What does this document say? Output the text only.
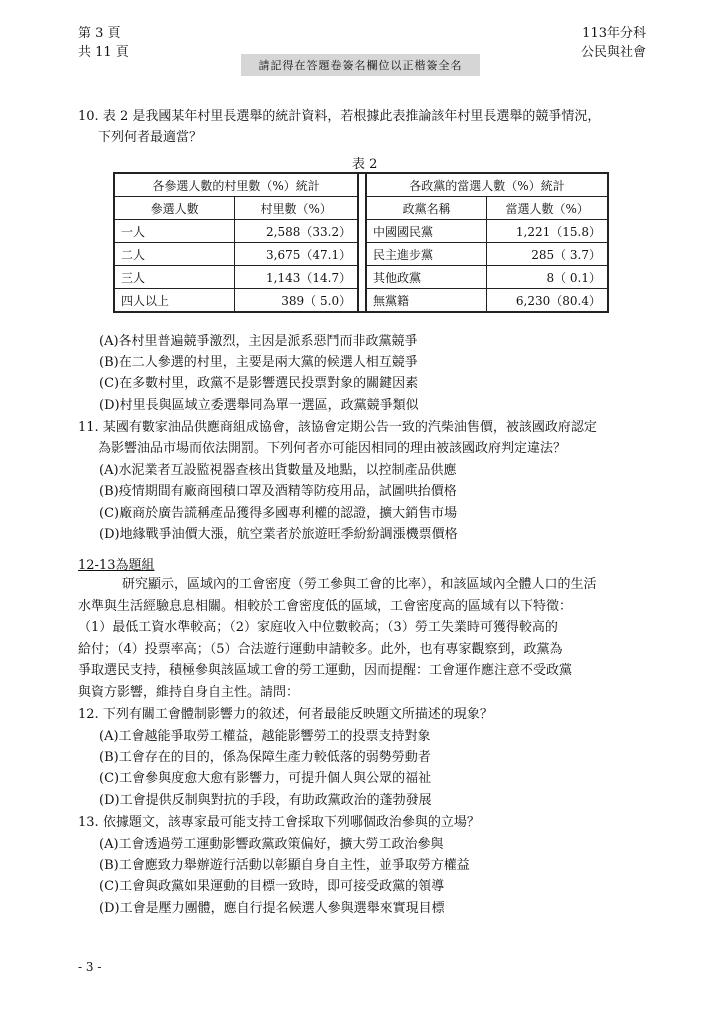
第 3 頁
共 11 頁
請記得在答題卷簽名欄位以正楷簽全名
113年分科
公民與社會
10. 表 2 是我國某年村里長選舉的統計資料，若根據此表推論該年村里長選舉的競爭情況，
下列何者最適當？
表 2
各參選人數的村里數（%）統計			各政黨的當選人數（%）統計	
參選人數	村里數（%）		政黨名稱	當選人數（%）
一人	2,588（33.2）		中國國民黨	1,221（15.8）
二人	3,675（47.1）		民主進步黨	285（ 3.7）
三人	1,143（14.7）		其他政黨	8（ 0.1）
四人以上	389（ 5.0）		無黨籍	6,230（80.4）
(A)各村里普遍競爭激烈，主因是派系惡鬥而非政黨競爭
(B)在二人參選的村里，主要是兩大黨的候選人相互競爭
(C)在多數村里，政黨不是影響選民投票對象的關鍵因素
(D)村里長與區域立委選舉同為單一選區，政黨競爭類似
11. 某國有數家油品供應商組成協會，該協會定期公告一致的汽柴油售價，被該國政府認定
為影響油品市場而依法開罰。下列何者亦可能因相同的理由被該國政府判定違法？
(A)水泥業者互設監視器查核出貨數量及地點，以控制產品供應
(B)疫情期間有廠商囤積口罩及酒精等防疫用品，試圖哄抬價格
(C)廠商於廣告謊稱產品獲得多國專利權的認證，擴大銷售市場
(D)地緣戰爭油價大漲，航空業者於旅遊旺季紛紛調漲機票價格
12-13為題組
研究顯示，區域內的工會密度（勞工參與工會的比率），和該區域內全體人口的生活
水準與生活經驗息息相關。相較於工會密度低的區域，工會密度高的區域有以下特徵：
（1）最低工資水準較高；（2）家庭收入中位數較高；（3）勞工失業時可獲得較高的
給付；（4）投票率高；（5）合法遊行運動申請較多。此外，也有專家觀察到，政黨為
爭取選民支持，積極參與該區域工會的勞工運動，因而提醒：工會運作應注意不受政黨
與資方影響，維持自身自主性。請問：
12. 下列有關工會體制影響力的敘述，何者最能反映題文所描述的現象？
(A)工會越能爭取勞工權益，越能影響勞工的投票支持對象
(B)工會存在的目的，係為保障生產力較低落的弱勢勞動者
(C)工會參與度愈大愈有影響力，可提升個人與公眾的福祉
(D)工會提供反制與對抗的手段，有助政黨政治的蓬勃發展
13. 依據題文，該專家最可能支持工會採取下列哪個政治參與的立場？
(A)工會透過勞工運動影響政黨政策偏好，擴大勞工政治參與
(B)工會應致力舉辦遊行活動以彰顯自身自主性，並爭取勞方權益
(C)工會與政黨如果運動的目標一致時，即可接受政黨的領導
(D)工會是壓力團體，應自行提名候選人參與選舉來實現目標
- 3 -
